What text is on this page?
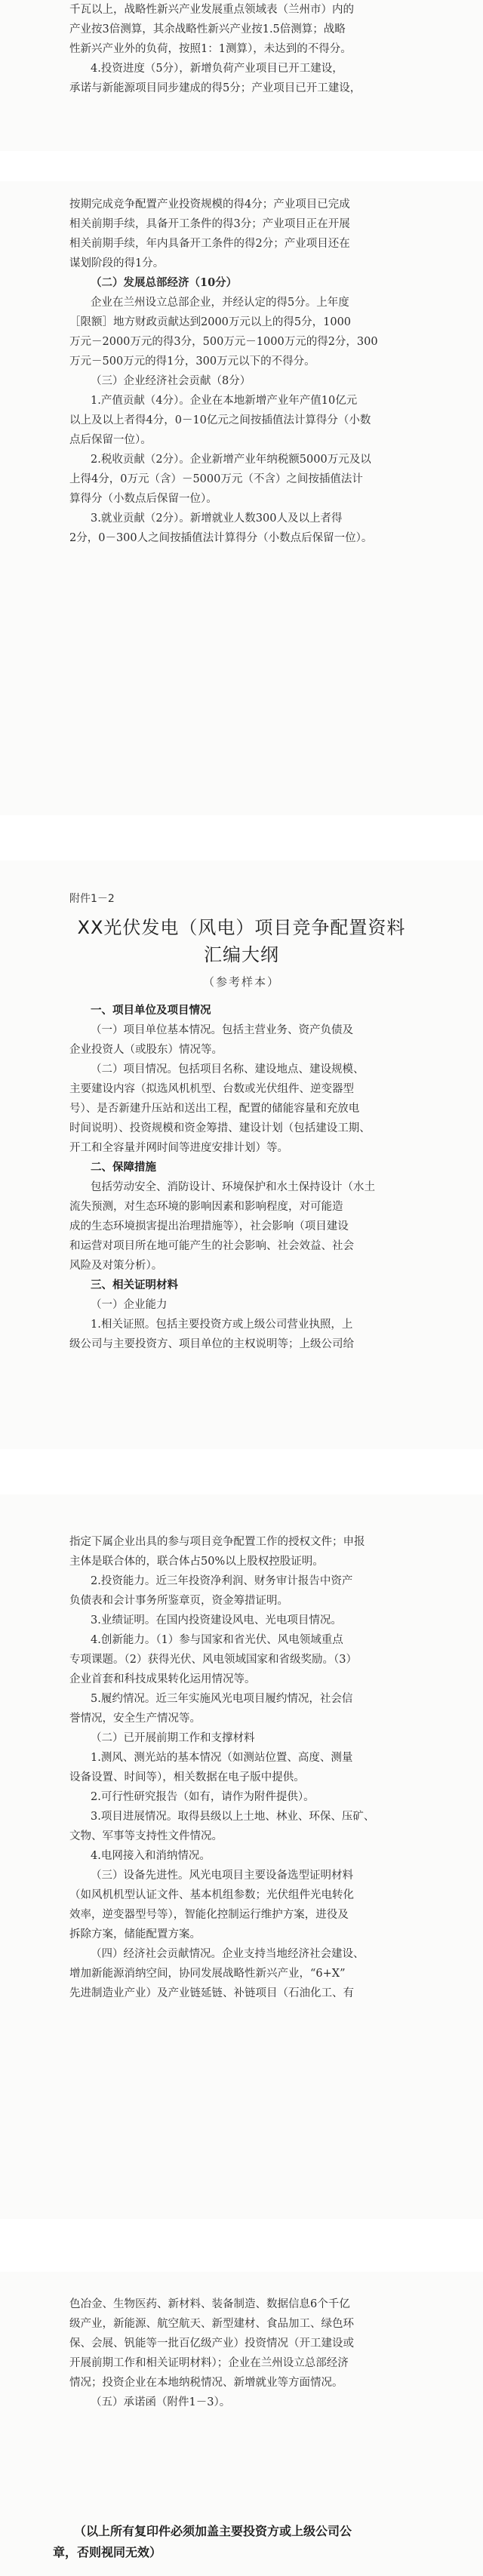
千瓦以上，战略性新兴产业发展重点领域表（兰州市）内的
产业按3倍测算，其余战略性新兴产业按1.5倍测算；战略
性新兴产业外的负荷，按照1：1测算），未达到的不得分。
4.投资进度（5分），新增负荷产业项目已开工建设，
承诺与新能源项目同步建成的得5分；产业项目已开工建设，
按期完成竞争配置产业投资规模的得4分；产业项目已完成
相关前期手续，具备开工条件的得3分；产业项目正在开展
相关前期手续，年内具备开工条件的得2分；产业项目还在
谋划阶段的得1分。
（二）发展总部经济（10分）
企业在兰州设立总部企业，并经认定的得5分。上年度
［限额］地方财政贡献达到2000万元以上的得5分，1000
万元－2000万元的得3分，500万元－1000万元的得2分，300
万元－500万元的得1分，300万元以下的不得分。
（三）企业经济社会贡献（8分）
1.产值贡献（4分）。企业在本地新增产业年产值10亿元
以上及以上者得4分，0－10亿元之间按插值法计算得分（小数
点后保留一位）。
2.税收贡献（2分）。企业新增产业年纳税额5000万元及以
上得4分，0万元（含）－5000万元（不含）之间按插值法计
算得分（小数点后保留一位）。
3.就业贡献（2分）。新增就业人数300人及以上者得
2分，0－300人之间按插值法计算得分（小数点后保留一位）。
附件1－2
XX光伏发电（风电）项目竞争配置资料
汇编大纲
（参考样本）
一、项目单位及项目情况
（一）项目单位基本情况。包括主营业务、资产负债及
企业投资人（或股东）情况等。
（二）项目情况。包括项目名称、建设地点、建设规模、
主要建设内容（拟选风机机型、台数或光伏组件、逆变器型
号）、是否新建升压站和送出工程，配置的储能容量和充放电
时间说明）、投资规模和资金筹措、建设计划（包括建设工期、
开工和全容量并网时间等进度安排计划）等。
二、保障措施
包括劳动安全、消防设计、环境保护和水土保持设计（水土
流失预测，对生态环境的影响因素和影响程度，对可能造
成的生态环境损害提出治理措施等），社会影响（项目建设
和运营对项目所在地可能产生的社会影响、社会效益、社会
风险及对策分析）。
三、相关证明材料
（一）企业能力
1.相关证照。包括主要投资方或上级公司营业执照，上
级公司与主要投资方、项目单位的主权说明等；上级公司给
指定下属企业出具的参与项目竞争配置工作的授权文件；申报
主体是联合体的，联合体占50%以上股权控股证明。
2.投资能力。近三年投资净利润、财务审计报告中资产
负债表和会计事务所鉴章页，资金筹措证明。
3.业绩证明。在国内投资建设风电、光电项目情况。
4.创新能力。（1）参与国家和省光伏、风电领域重点
专项课题。（2）获得光伏、风电领域国家和省级奖励。（3）
企业首套和科技成果转化运用情况等。
5.履约情况。近三年实施风光电项目履约情况，社会信
誉情况，安全生产情况等。
（二）已开展前期工作和支撑材料
1.测风、测光站的基本情况（如测站位置、高度、测量
设备设置、时间等），相关数据在电子版中提供。
2.可行性研究报告（如有，请作为附件提供）。
3.项目进展情况。取得县级以上土地、林业、环保、压矿、
文物、军事等支持性文件情况。
4.电网接入和消纳情况。
（三）设备先进性。风光电项目主要设备选型证明材料
（如风机机型认证文件、基本机组参数；光伏组件光电转化
效率，逆变器型号等），智能化控制运行维护方案，进役及
拆除方案，储能配置方案。
（四）经济社会贡献情况。企业支持当地经济社会建设、
增加新能源消纳空间，协同发展战略性新兴产业，“6+X”
先进制造业产业）及产业链延链、补链项目（石油化工、有
色冶金、生物医药、新材料、装备制造、数据信息6个千亿
级产业，新能源、航空航天、新型建材、食品加工、绿色环
保、会展、钒能等一批百亿级产业）投资情况（开工建设或
开展前期工作和相关证明材料）；企业在兰州设立总部经济
情况；投资企业在本地纳税情况、新增就业等方面情况。
（五）承诺函（附件1－3）。
（以上所有复印件必须加盖主要投资方或上级公司公
章，否则视同无效）
